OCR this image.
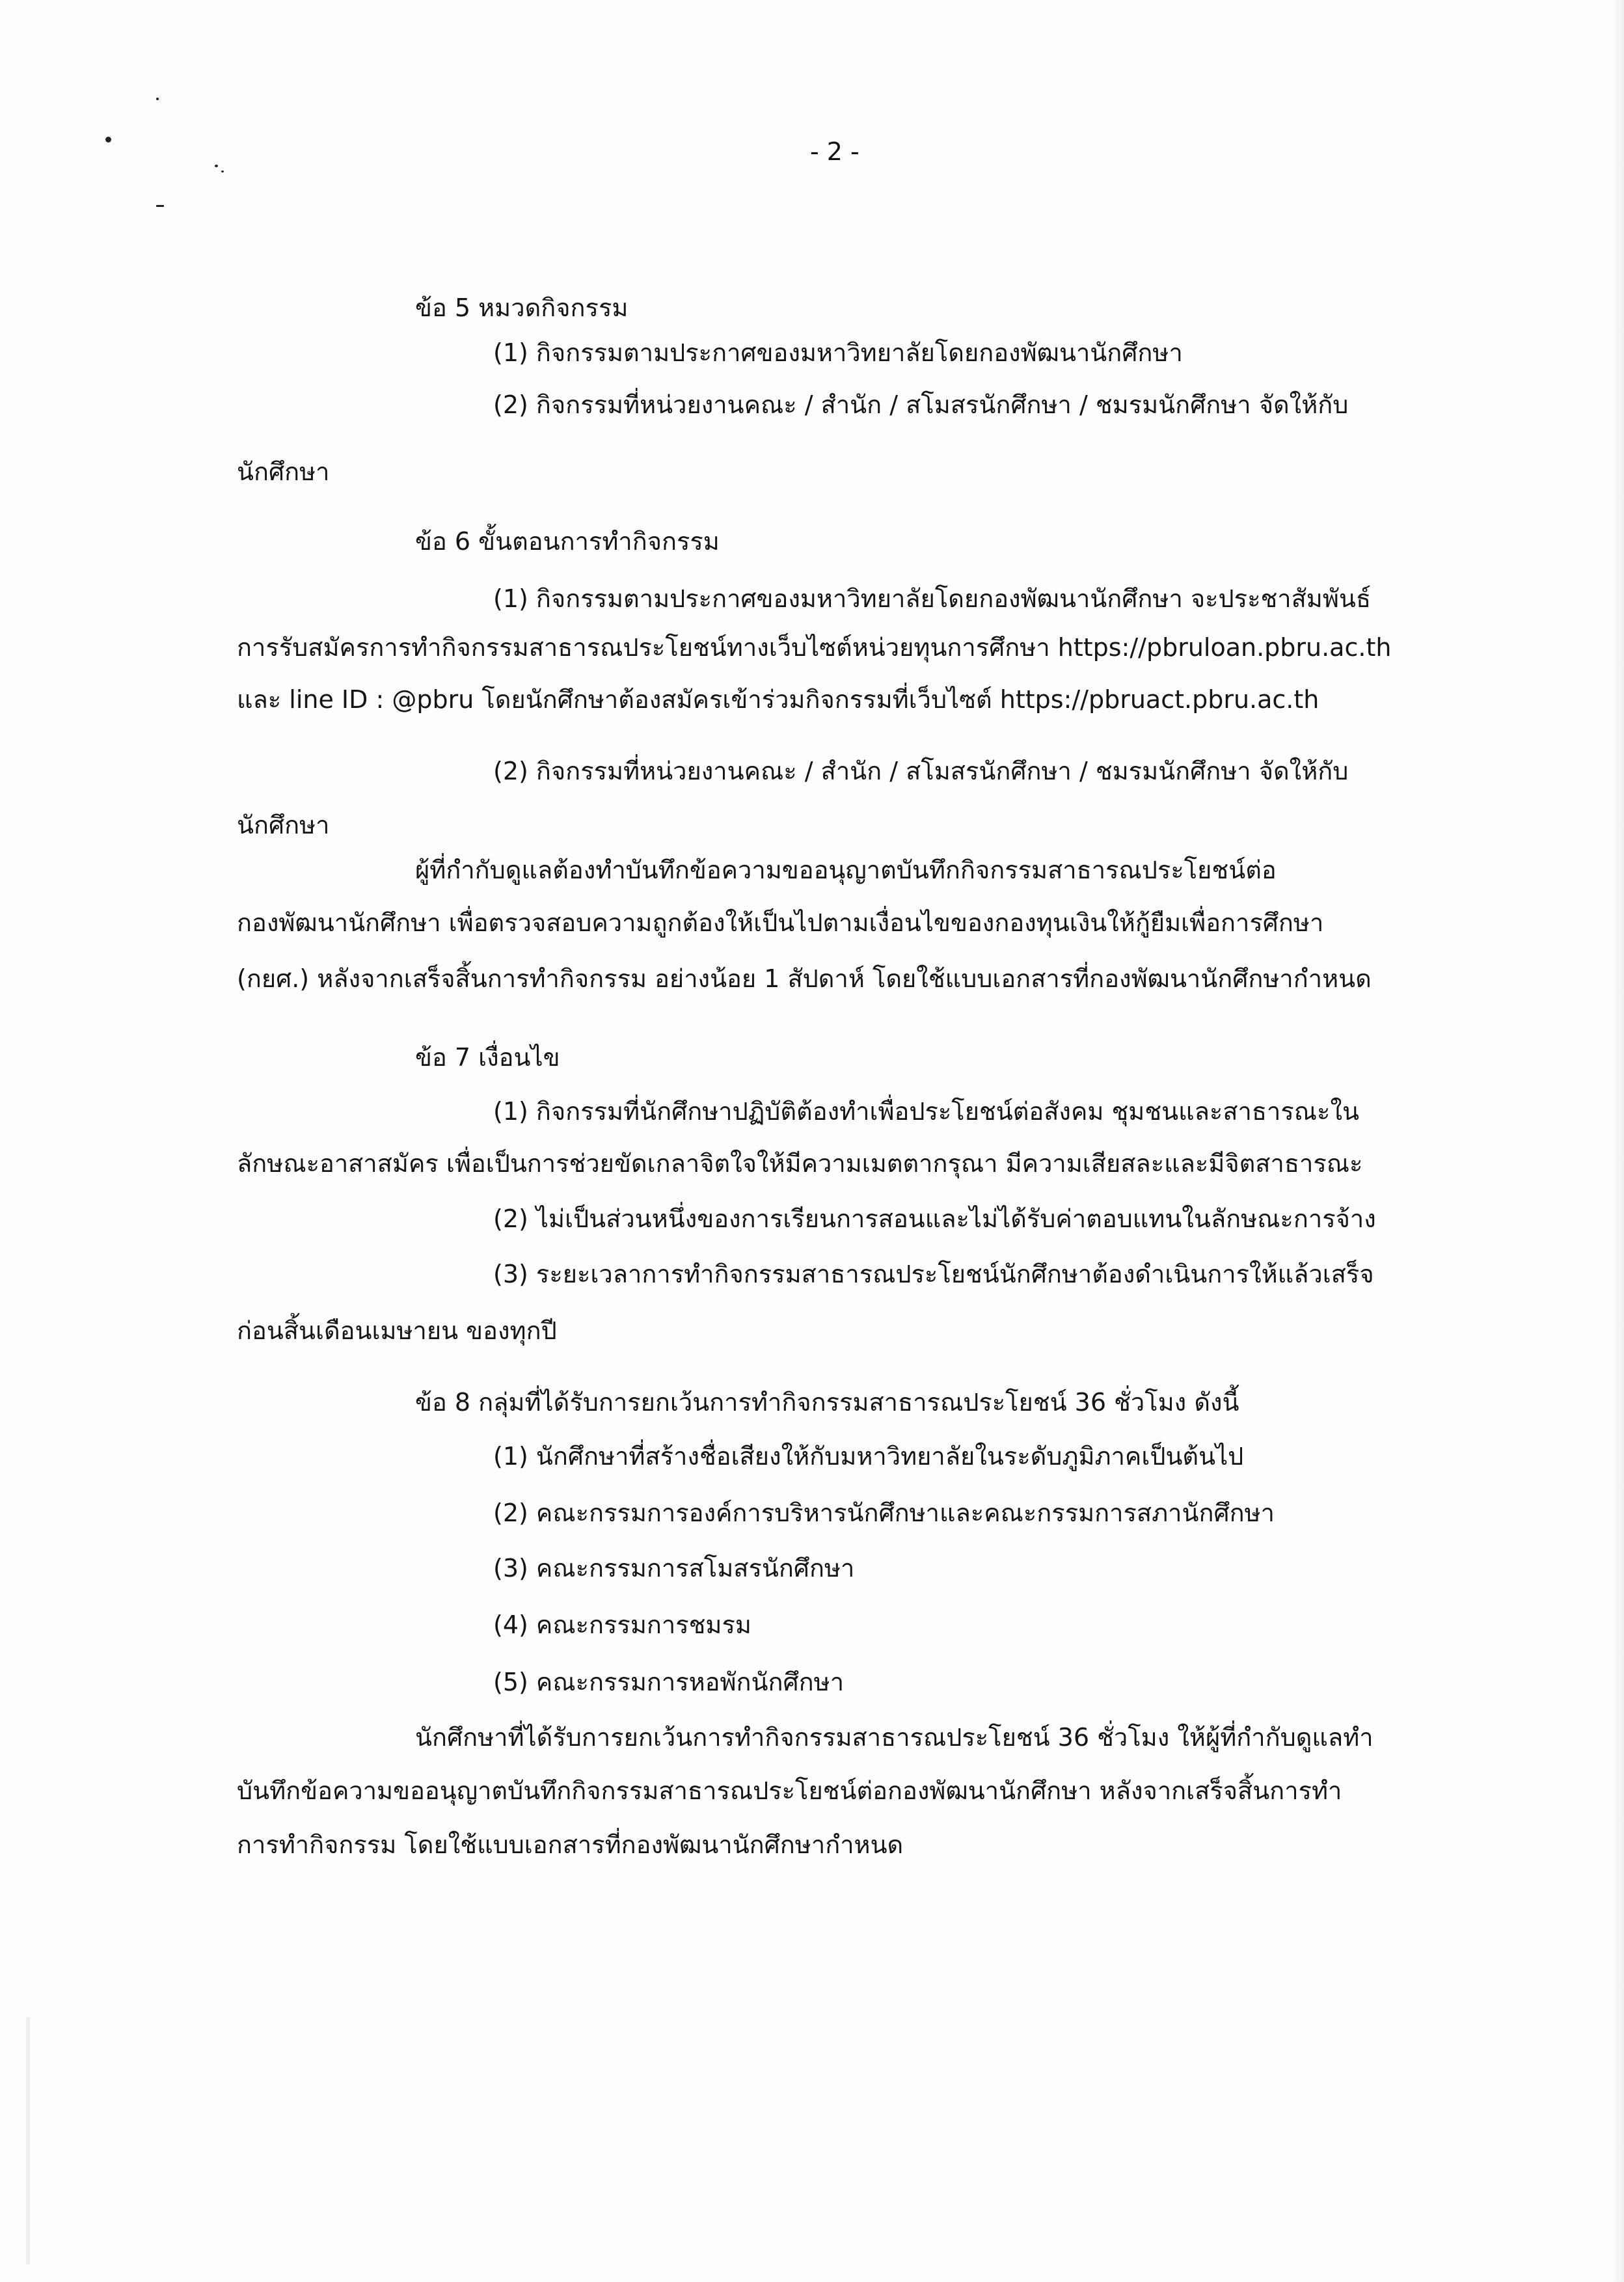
- 2 -
ข้อ 5 หมวดกิจกรรม
(1) กิจกรรมตามประกาศของมหาวิทยาลัยโดยกองพัฒนานักศึกษา
(2) กิจกรรมที่หน่วยงานคณะ / สำนัก / สโมสรนักศึกษา / ชมรมนักศึกษา จัดให้กับ
นักศึกษา
ข้อ 6 ขั้นตอนการทำกิจกรรม
(1) กิจกรรมตามประกาศของมหาวิทยาลัยโดยกองพัฒนานักศึกษา จะประชาสัมพันธ์
การรับสมัครการทำกิจกรรมสาธารณประโยชน์ทางเว็บไซต์หน่วยทุนการศึกษา https://pbruloan.pbru.ac.th
และ line ID : @pbru โดยนักศึกษาต้องสมัครเข้าร่วมกิจกรรมที่เว็บไซต์ https://pbruact.pbru.ac.th
(2) กิจกรรมที่หน่วยงานคณะ / สำนัก / สโมสรนักศึกษา / ชมรมนักศึกษา จัดให้กับ
นักศึกษา
ผู้ที่กำกับดูแลต้องทำบันทึกข้อความขออนุญาตบันทึกกิจกรรมสาธารณประโยชน์ต่อ
กองพัฒนานักศึกษา เพื่อตรวจสอบความถูกต้องให้เป็นไปตามเงื่อนไขของกองทุนเงินให้กู้ยืมเพื่อการศึกษา
(กยศ.) หลังจากเสร็จสิ้นการทำกิจกรรม อย่างน้อย 1 สัปดาห์ โดยใช้แบบเอกสารที่กองพัฒนานักศึกษากำหนด
ข้อ 7 เงื่อนไข
(1) กิจกรรมที่นักศึกษาปฏิบัติต้องทำเพื่อประโยชน์ต่อสังคม ชุมชนและสาธารณะใน
ลักษณะอาสาสมัคร เพื่อเป็นการช่วยขัดเกลาจิตใจให้มีความเมตตากรุณา มีความเสียสละและมีจิตสาธารณะ
(2) ไม่เป็นส่วนหนึ่งของการเรียนการสอนและไม่ได้รับค่าตอบแทนในลักษณะการจ้าง
(3) ระยะเวลาการทำกิจกรรมสาธารณประโยชน์นักศึกษาต้องดำเนินการให้แล้วเสร็จ
ก่อนสิ้นเดือนเมษายน ของทุกปี
ข้อ 8 กลุ่มที่ได้รับการยกเว้นการทำกิจกรรมสาธารณประโยชน์ 36 ชั่วโมง ดังนี้
(1) นักศึกษาที่สร้างชื่อเสียงให้กับมหาวิทยาลัยในระดับภูมิภาคเป็นต้นไป
(2) คณะกรรมการองค์การบริหารนักศึกษาและคณะกรรมการสภานักศึกษา
(3) คณะกรรมการสโมสรนักศึกษา
(4) คณะกรรมการชมรม
(5) คณะกรรมการหอพักนักศึกษา
นักศึกษาที่ได้รับการยกเว้นการทำกิจกรรมสาธารณประโยชน์ 36 ชั่วโมง ให้ผู้ที่กำกับดูแลทำ
บันทึกข้อความขออนุญาตบันทึกกิจกรรมสาธารณประโยชน์ต่อกองพัฒนานักศึกษา หลังจากเสร็จสิ้นการทำ
การทำกิจกรรม โดยใช้แบบเอกสารที่กองพัฒนานักศึกษากำหนด
